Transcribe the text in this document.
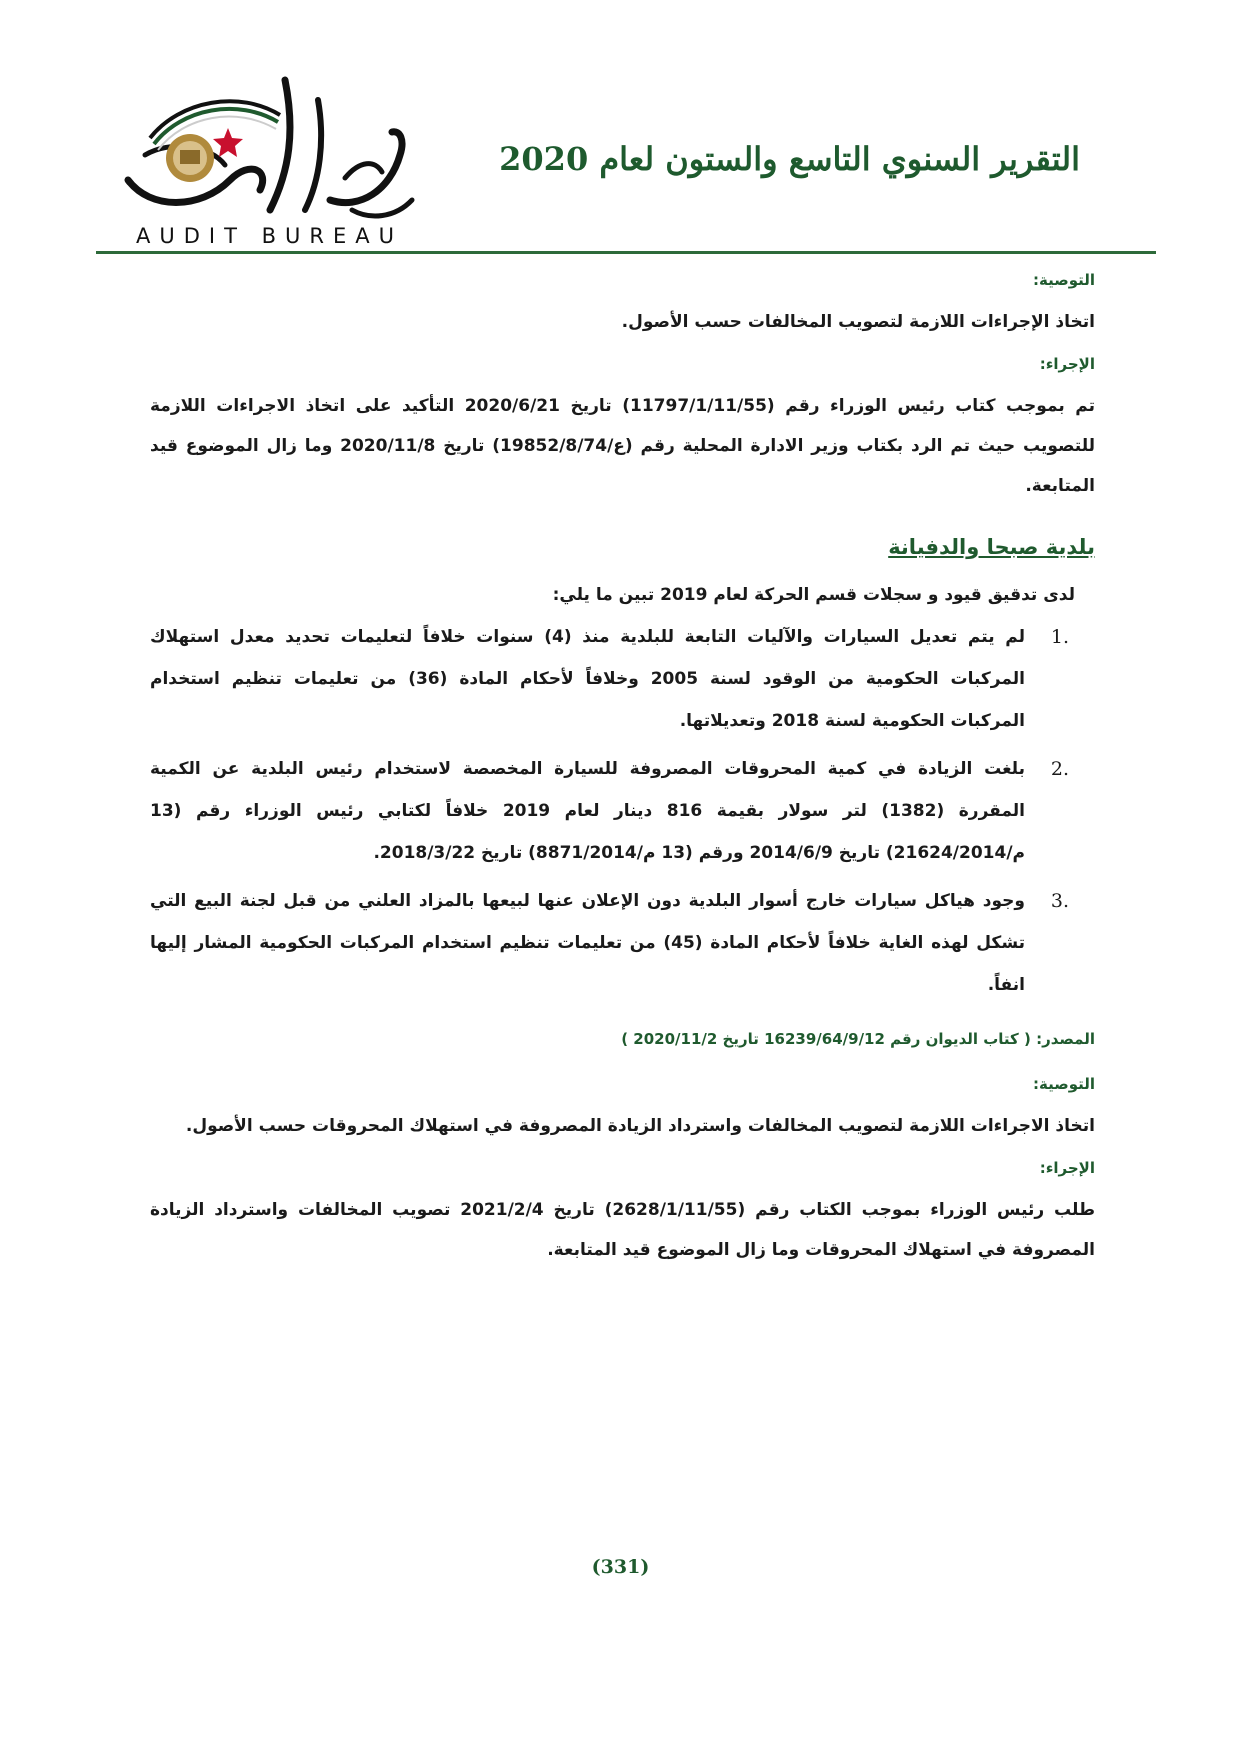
AUDIT BUREAU
التقرير السنوي التاسع والستون لعام 2020
التوصية:
اتخاذ الإجراءات اللازمة لتصويب المخالفات حسب الأصول.
الإجراء:
تم بموجب كتاب رئيس الوزراء رقم (11797/1/11/55) تاريخ 2020/6/21 التأكيد على اتخاذ الاجراءات اللازمة للتصويب حيث تم الرد بكتاب وزير الادارة المحلية رقم (ع/19852/8/74) تاريخ 2020/11/8 وما زال الموضوع قيد المتابعة.
بلدية صبحا والدفيانة
لدى تدقيق قيود و سجلات قسم الحركة لعام 2019 تبين ما يلي:
1.
لم يتم تعديل السيارات والآليات التابعة للبلدية منذ (4) سنوات خلافاً لتعليمات تحديد معدل استهلاك المركبات الحكومية من الوقود لسنة 2005 وخلافاً لأحكام المادة (36) من تعليمات تنظيم استخدام المركبات الحكومية لسنة 2018 وتعديلاتها.
2.
بلغت الزيادة في كمية المحروقات المصروفة للسيارة المخصصة لاستخدام رئيس البلدية عن الكمية المقررة (1382) لتر سولار بقيمة 816 دينار لعام 2019 خلافاً لكتابي رئيس الوزراء رقم (13 م/21624/2014) تاريخ 2014/6/9 ورقم (13 م/8871/2014) تاريخ 2018/3/22.
3.
وجود هياكل سيارات خارج أسوار البلدية دون الإعلان عنها لبيعها بالمزاد العلني من قبل لجنة البيع التي تشكل لهذه الغاية خلافاً لأحكام المادة (45) من تعليمات تنظيم استخدام المركبات الحكومية المشار إليها انفاً.
المصدر: ( كتاب الديوان رقم 16239/64/9/12 تاريخ 2020/11/2 )
التوصية:
اتخاذ الاجراءات اللازمة لتصويب المخالفات واسترداد الزيادة المصروفة في استهلاك المحروقات حسب الأصول.
الإجراء:
طلب رئيس الوزراء بموجب الكتاب رقم (2628/1/11/55) تاريخ 2021/2/4 تصويب المخالفات واسترداد الزيادة المصروفة في استهلاك المحروقات وما زال الموضوع قيد المتابعة.
(331)
